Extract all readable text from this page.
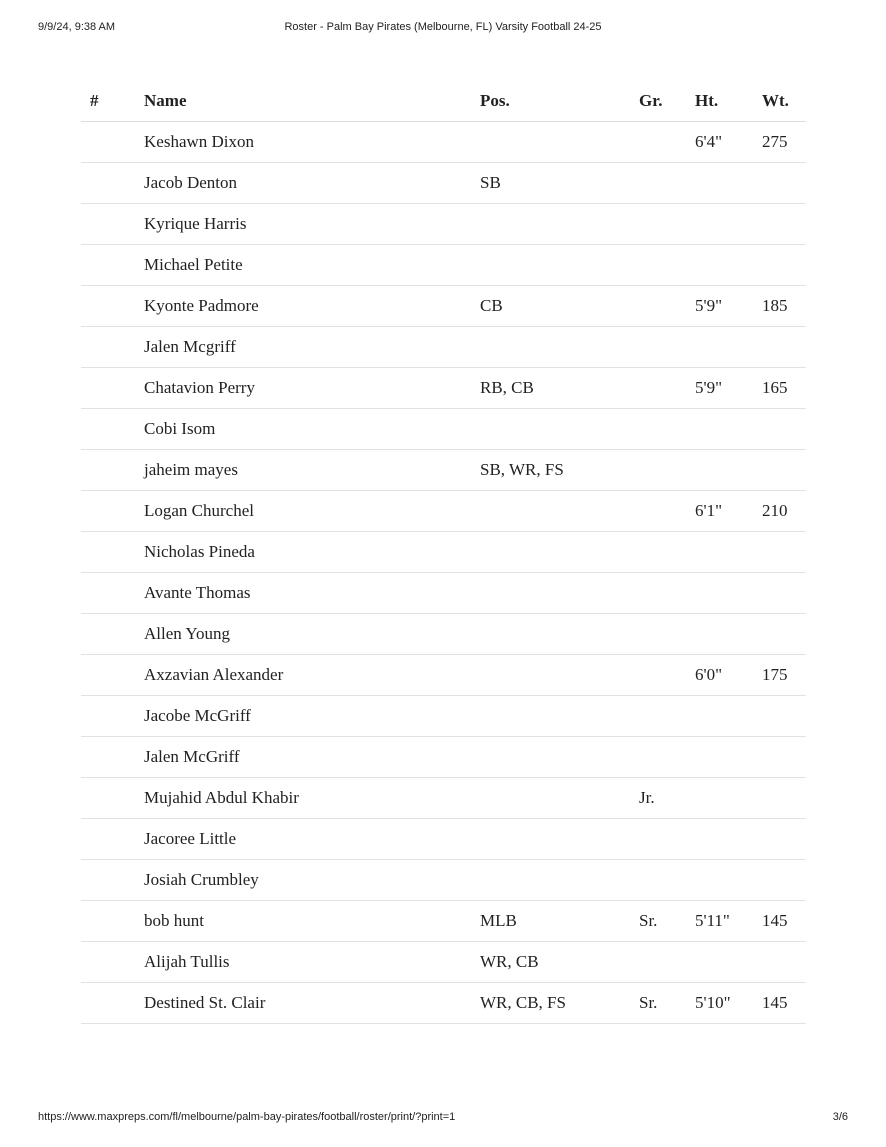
9/9/24, 9:38 AM	Roster - Palm Bay Pirates (Melbourne, FL) Varsity Football 24-25
#	Name	Pos.	Gr.	Ht.	Wt.
	Keshawn Dixon			6'4"	275
	Jacob Denton	SB			
	Kyrique Harris				
	Michael Petite				
	Kyonte Padmore	CB		5'9"	185
	Jalen Mcgriff				
	Chatavion Perry	RB, CB		5'9"	165
	Cobi Isom				
	jaheim mayes	SB, WR, FS			
	Logan Churchel			6'1"	210
	Nicholas Pineda				
	Avante Thomas				
	Allen Young				
	Axzavian Alexander			6'0"	175
	Jacobe McGriff				
	Jalen McGriff				
	Mujahid Abdul Khabir		Jr.		
	Jacoree Little				
	Josiah Crumbley				
	bob hunt	MLB	Sr.	5'11"	145
	Alijah Tullis	WR, CB			
	Destined St. Clair	WR, CB, FS	Sr.	5'10"	145
https://www.maxpreps.com/fl/melbourne/palm-bay-pirates/football/roster/print/?print=1	3/6
